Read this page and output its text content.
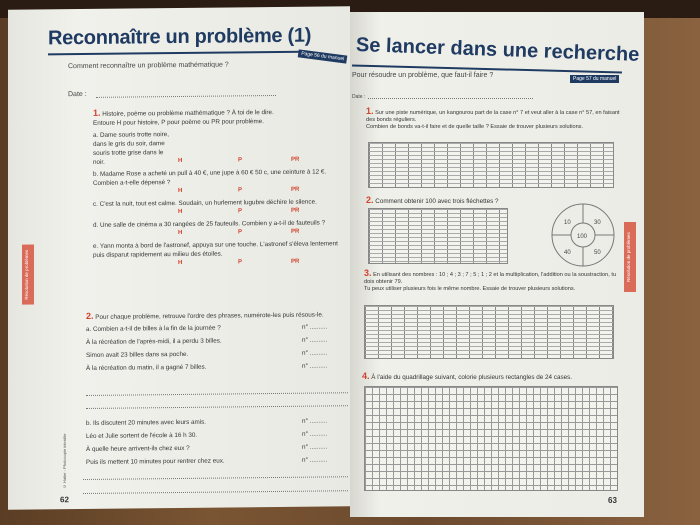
Reconnaître un problème (1)
Page 56 du manuel
Comment reconnaître un problème mathématique ?
Date :
1. Histoire, poème ou problème mathématique ? À toi de le dire.
Entoure H pour histoire, P pour poème ou PR pour problème.
a. Dame souris trotte noire, dans le gris du soir, dame souris trotte grise dans le noir.	H	P	PR
b. Madame Rose a acheté un pull à 40 €, une jupe à 60 € 50 c, une ceinture à 12 €. Combien a-t-elle dépensé ?
H	P	PR
c. C'est la nuit, tout est calme. Soudain, un hurlement lugubre déchire le silence.
H	P	PR
d. Une salle de cinéma a 30 rangées de 25 fauteuils. Combien y a-t-il de fauteuils ?
H	P	PR
e. Yann monta à bord de l'astronef, appuya sur une touche. L'astronef s'éleva lentement puis disparut rapidement au milieu des étoiles.
H	P	PR
Résolution de problèmes
2. Pour chaque problème, retrouve l'ordre des phrases, numérote-les puis résous-le.
a. Combien a-t-il de billes à la fin de la journée ?	n° ..........
À la récréation de l'après-midi, il a perdu 3 billes.	n° ..........
Simon avait 23 billes dans sa poche.	n° ..........
À la récréation du matin, il a gagné 7 billes.	n° ..........
b. Ils discutent 20 minutes avec leurs amis.	n° ..........
Léo et Julie sortent de l'école à 16 h 30.	n° ..........
À quelle heure arrivent-ils chez eux ?	n° ..........
Puis ils mettent 10 minutes pour rentrer chez eux.	n° ..........
© Hatier - Photocopie interdite
62
Se lancer dans une recherche
Page 57 du manuel
Pour résoudre un problème, que faut-il faire ?
Date :
1. Sur une piste numérique, un kangourou part de la case n° 7 et veut aller à la case n° 57, en faisant des bonds réguliers.
Combien de bonds va-t-il faire et de quelle taille ? Essaie de trouver plusieurs solutions.
2. Comment obtenir 100 avec trois fléchettes ?
10	30
100
40	50
3. En utilisant des nombres : 10 ; 4 ; 3 ; 7 ; 5 ; 1 ; 2 et la multiplication, l'addition ou la soustraction, tu dois obtenir 79.
Tu peux utiliser plusieurs fois le même nombre. Essaie de trouver plusieurs solutions.
4. À l'aide du quadrillage suivant, colorie plusieurs rectangles de 24 cases.
Résolution de problèmes
63
